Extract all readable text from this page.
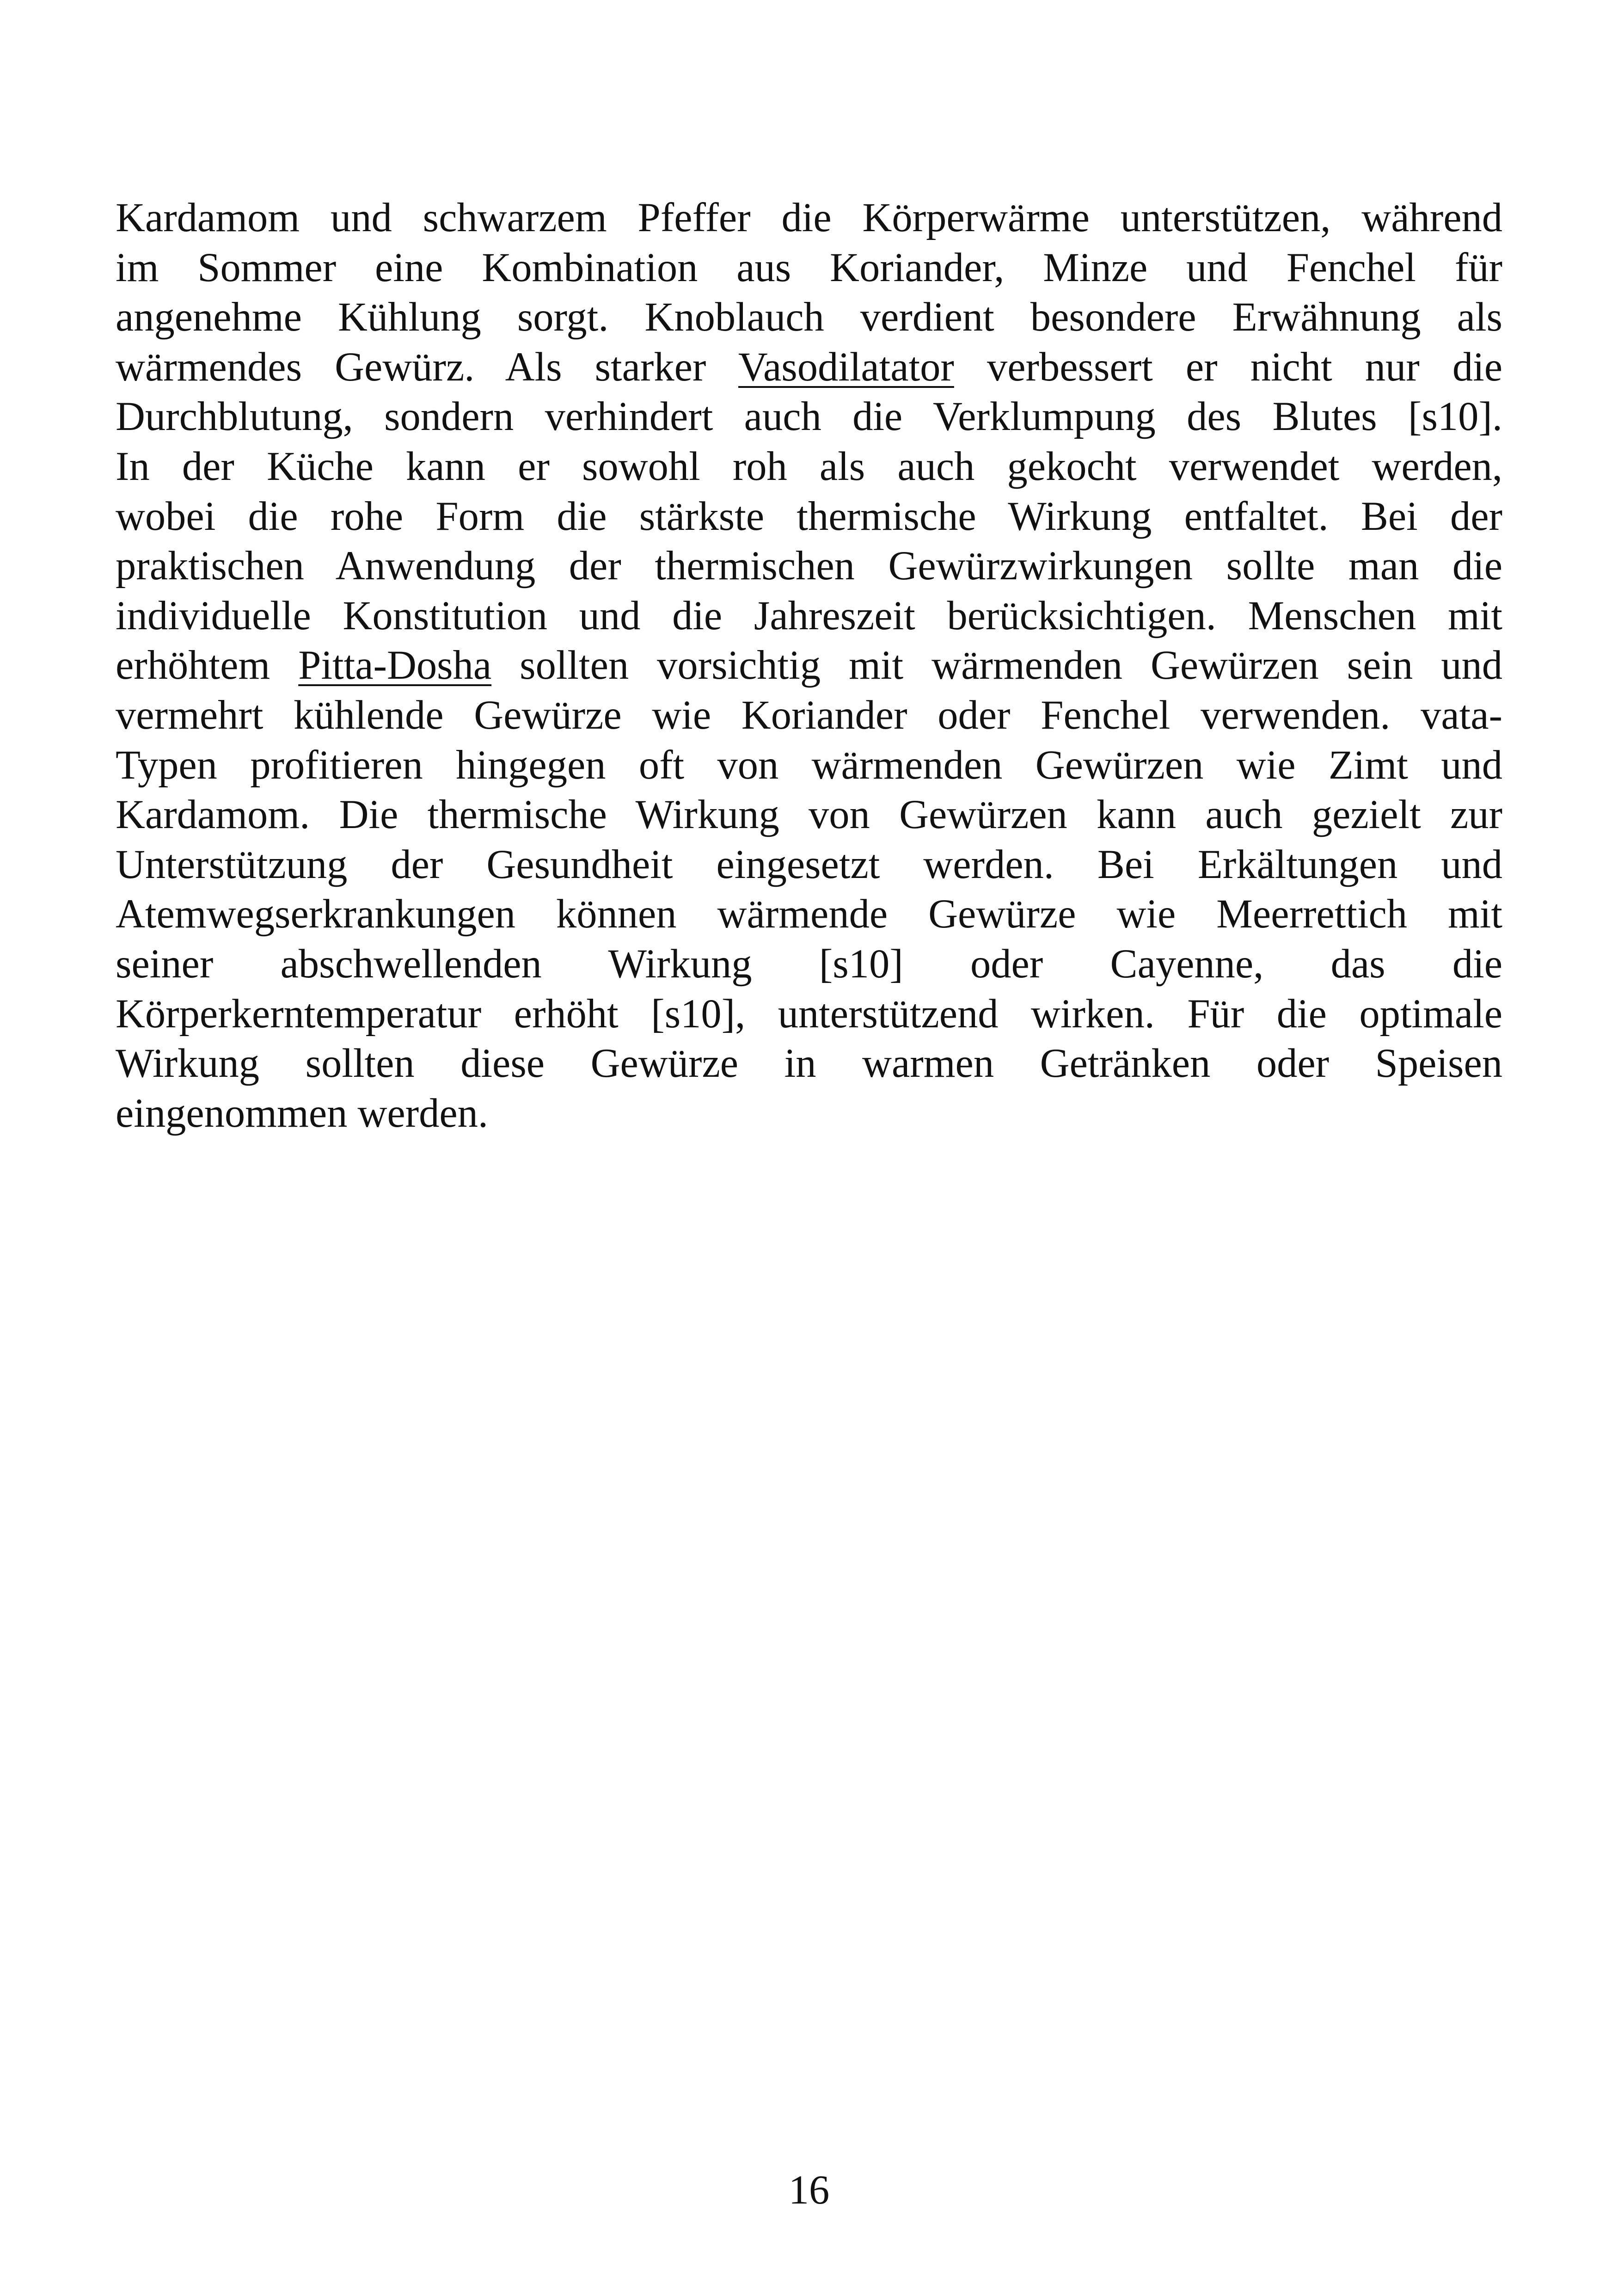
Kardamom und schwarzem Pfeffer die Körperwärme unterstützen, während
im Sommer eine Kombination aus Koriander, Minze und Fenchel für
angenehme Kühlung sorgt. Knoblauch verdient besondere Erwähnung als
wärmendes Gewürz. Als starker Vasodilatator verbessert er nicht nur die
Durchblutung, sondern verhindert auch die Verklumpung des Blutes [s10].
In der Küche kann er sowohl roh als auch gekocht verwendet werden,
wobei die rohe Form die stärkste thermische Wirkung entfaltet. Bei der
praktischen Anwendung der thermischen Gewürzwirkungen sollte man die
individuelle Konstitution und die Jahreszeit berücksichtigen. Menschen mit
erhöhtem Pitta-Dosha sollten vorsichtig mit wärmenden Gewürzen sein und
vermehrt kühlende Gewürze wie Koriander oder Fenchel verwenden. vata-
Typen profitieren hingegen oft von wärmenden Gewürzen wie Zimt und
Kardamom. Die thermische Wirkung von Gewürzen kann auch gezielt zur
Unterstützung der Gesundheit eingesetzt werden. Bei Erkältungen und
Atemwegserkrankungen können wärmende Gewürze wie Meerrettich mit
seiner abschwellenden Wirkung [s10] oder Cayenne, das die
Körperkerntemperatur erhöht [s10], unterstützend wirken. Für die optimale
Wirkung sollten diese Gewürze in warmen Getränken oder Speisen
eingenommen werden.
16
